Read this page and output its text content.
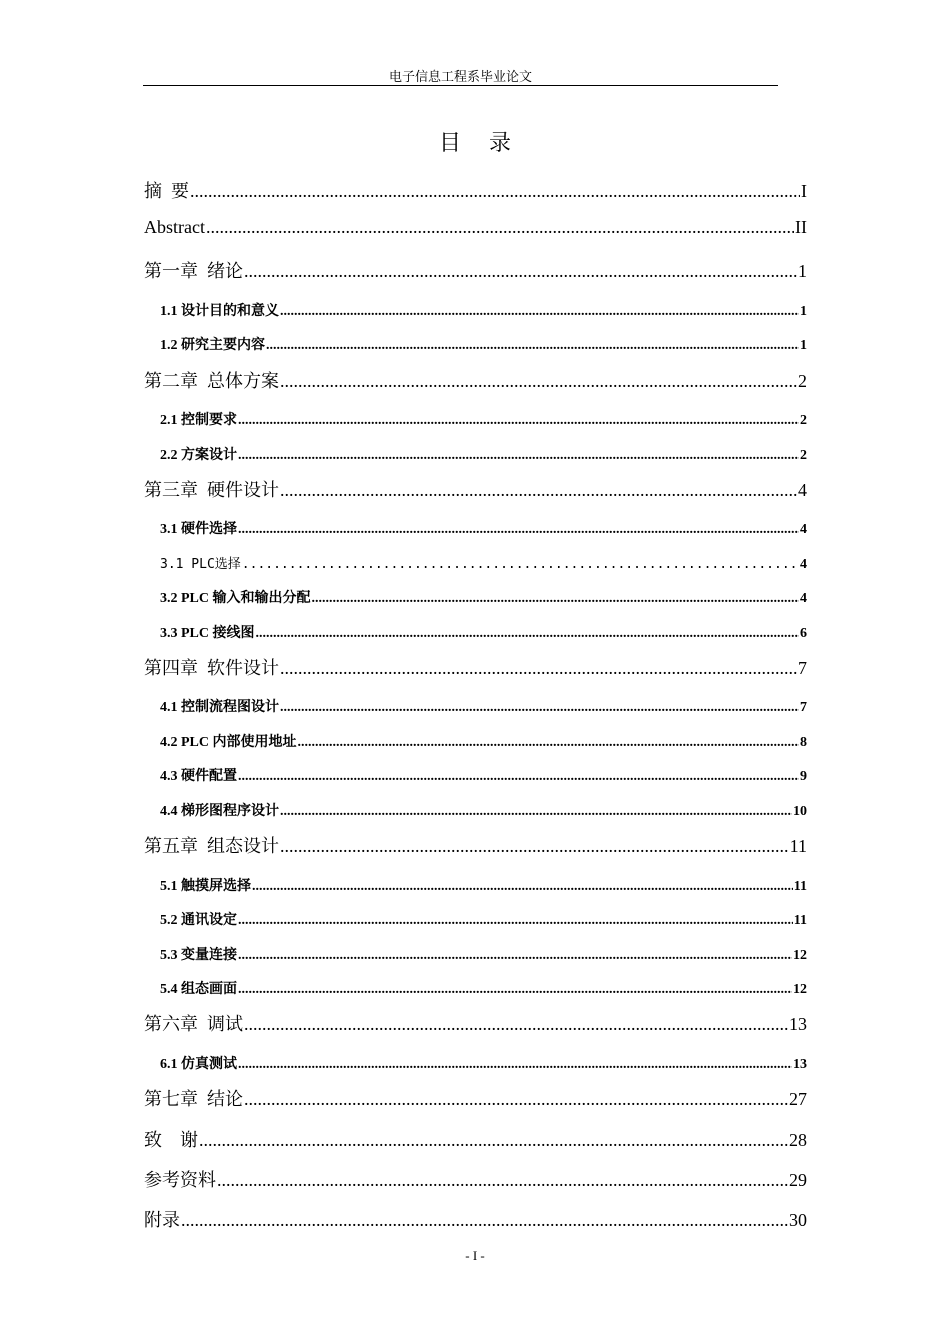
电子信息工程系毕业论文
目录
摘  要 .....	I
Abstract .....	II
第一章  绪论 .....	1
1.1 设计目的和意义 .....	1
1.2 研究主要内容 .....	1
第二章  总体方案 .....	2
2.1 控制要求 .....	2
2.2 方案设计 .....	2
第三章  硬件设计 .....	4
3.1 硬件选择 .....	4
3.1 PLC选择 .....	4
3.2 PLC 输入和输出分配 .....	4
3.3 PLC 接线图 .....	6
第四章  软件设计 .....	7
4.1 控制流程图设计 .....	7
4.2 PLC 内部使用地址 .....	8
4.3 硬件配置 .....	9
4.4 梯形图程序设计 .....	10
第五章  组态设计 .....	11
5.1 触摸屏选择 .....	11
5.2 通讯设定 .....	11
5.3 变量连接 .....	12
5.4 组态画面 .....	12
第六章  调试 .....	13
6.1 仿真测试 .....	13
第七章  结论 .....	27
致    谢 .....	28
参考资料 .....	29
附录 .....	30
- I -
